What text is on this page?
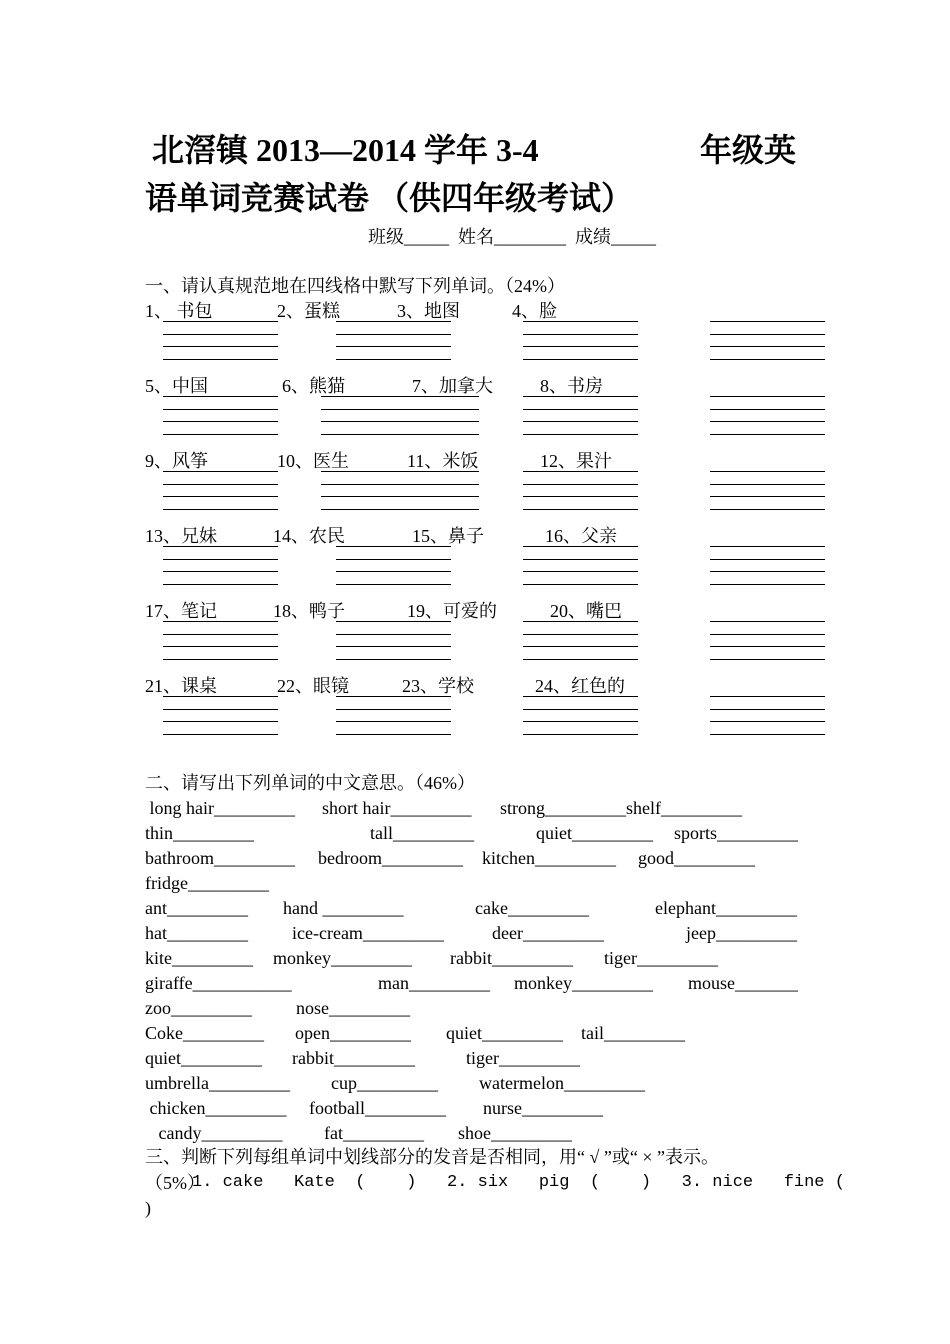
北滘镇 2013—2014 学年 3-4	年级英
语单词竞赛试卷 （供四年级考试）
班级_____  姓名________  成绩_____
一、请认真规范地在四线格中默写下列单词。（24%）
1、 书包	2、蛋糕	3、地图	4、脸
5、中国	6、熊猫	7、加拿大	8、书房
9、风筝	10、医生	11、米饭	12、果汁
13、兄妹	14、农民	15、鼻子	16、父亲
17、笔记	18、鸭子	19、可爱的	20、嘴巴
21、课桌	22、眼镜	23、学校	24、红色的
二、请写出下列单词的中文意思。（46%）
long hair_________ short hair_________ strong_________shelf_________
thin_________	tall_________	quiet_________ sports_________
bathroom_________ bedroom_________ kitchen_________ good_________
fridge_________
ant_________ hand _________	cake_________	elephant_________
hat_________ ice-cream_________	deer_________	jeep_________
kite_________ monkey_________ rabbit_________ tiger_________
giraffe___________	man_________ monkey_________ mouse_______
zoo_________ nose_________
Coke_________ open_________ quiet_________ tail_________
quiet_________ rabbit_________	tiger_________
umbrella_________ cup_________ watermelon_________
chicken_________ football_________ nurse_________
candy_________ fat_________ shoe_________
三、判断下列每组单词中划线部分的发音是否相同，用“ √ ”或“ × ”表示。
（5%）
1. cake   Kate  (    )   2. six   pig  (    )   3. nice   fine (
)
